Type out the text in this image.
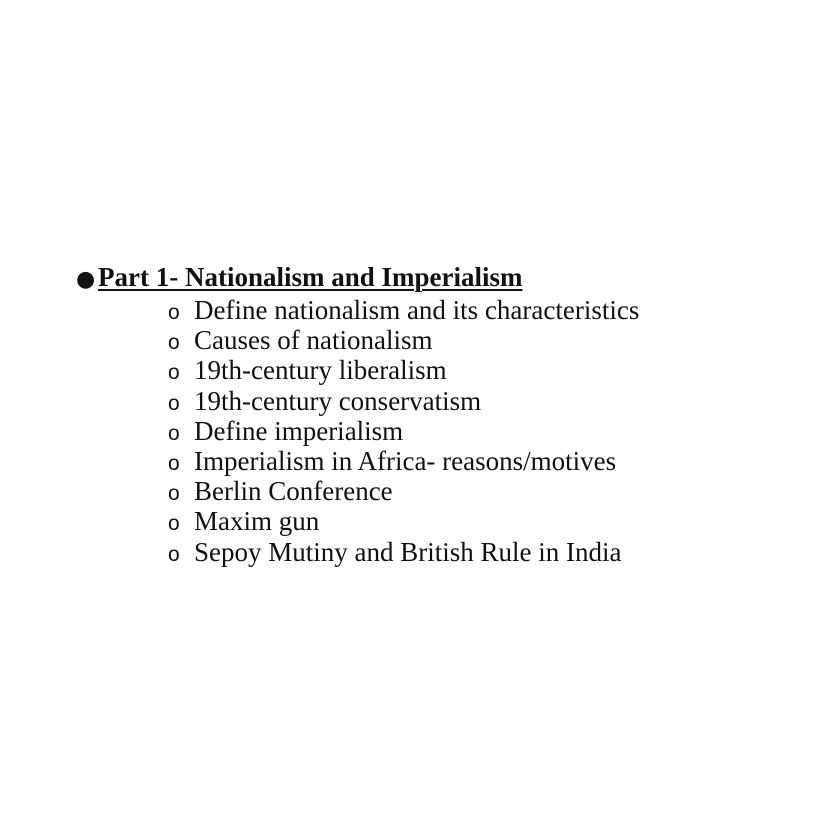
● Part 1- Nationalism and Imperialism
o Define nationalism and its characteristics
o Causes of nationalism
o 19th-century liberalism
o 19th-century conservatism
o Define imperialism
o Imperialism in Africa- reasons/motives
o Berlin Conference
o Maxim gun
o Sepoy Mutiny and British Rule in India
